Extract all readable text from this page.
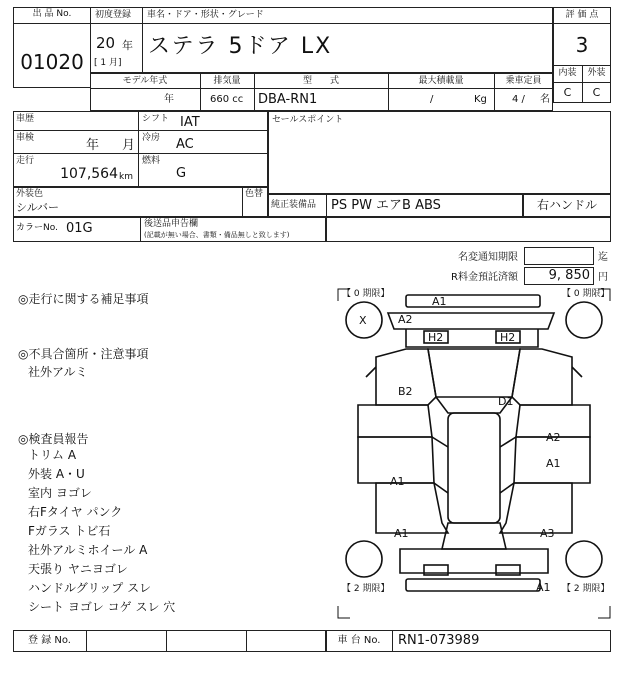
出 品 No.
01020
初度登録 車名・ドア・形状・グレード
20 年
[ 1 月]
ステラ 5ドア LX
評 価 点
3
内装	外装
C	C
モデル年式	排気量	型　　式	最大積載量	乗車定員
年	660 cc DBA-RN1	/	Kg	4 / 名
車歴	シフト IAT
車検	年 月 冷房 AC
走行
107,564 km
燃料
G
セールスポイント
外装色
シルバー
色替
純正装備品 PS PW エアB ABS	右ハンドル
カラーNo. 01G	後送品申告欄
(記載が無い場合、書類・備品無しと致します)
名変通知期限	迄
R料金預託済額	9, 850 円
◎走行に関する補足事項
◎不具合箇所・注意事項
社外アルミ
◎検査員報告
トリム A
外装 A・U
室内 ヨゴレ
右Fタイヤ パンク
Fガラス トビ石
社外アルミホイール A
天張り ヤニヨゴレ
ハンドルグリップ スレ
シート ヨゴレ コゲ スレ 穴
【 0 期限】	【 0 期限】
【 2 期限】	【 2 期限】
X
A1
A2
H2	H2
B2
D1
A2
A1
A1
A1	A3
A1
登 録 No.	車 台 No.	RN1-073989
